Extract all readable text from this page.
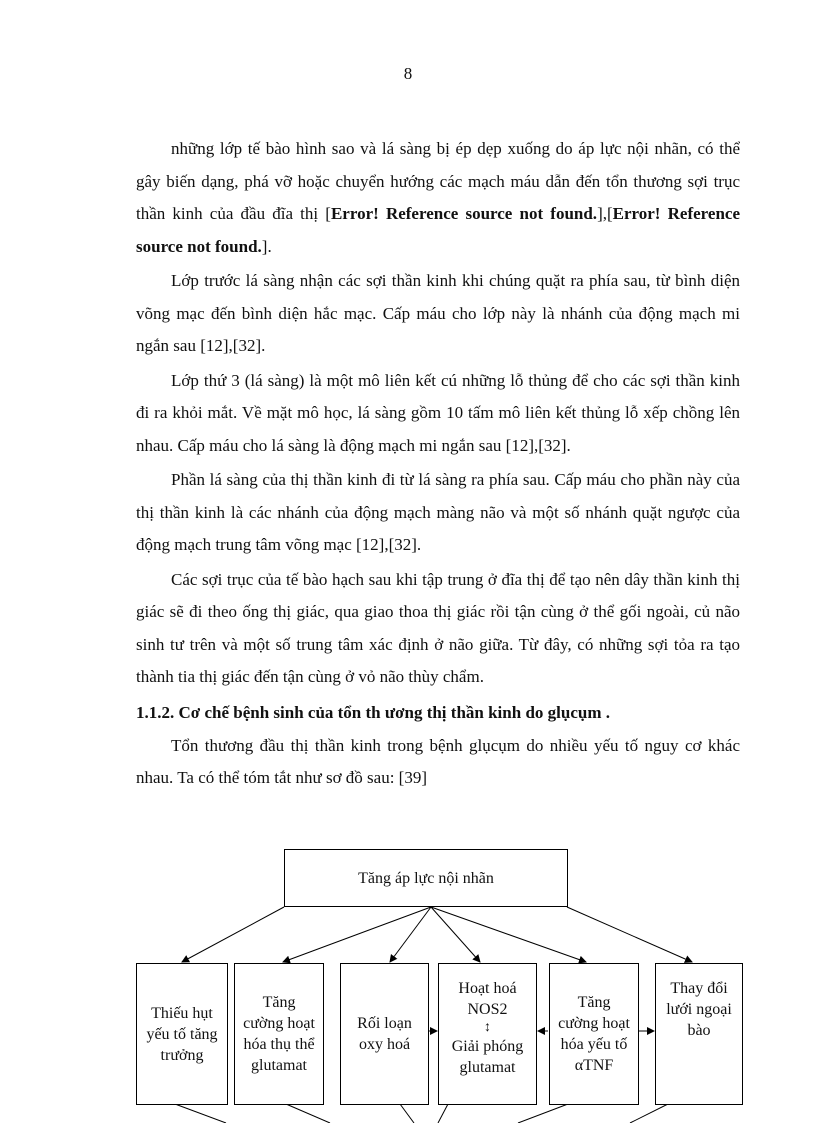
8

những lớp tế bào hình sao và lá sàng bị ép dẹp xuống do áp lực nội nhãn, có thể gây biến dạng, phá vỡ hoặc chuyển hướng các mạch máu dẫn đến tổn thương sợi trục thần kinh của đầu đĩa thị [Error! Reference source not found.],[Error! Reference source not found.].

Lớp trước lá sàng nhận các sợi thần kinh khi chúng quặt ra phía sau, từ bình diện võng mạc đến bình diện hắc mạc. Cấp máu cho lớp này là nhánh của động mạch mi ngắn sau [12],[32].

Lớp thứ 3 (lá sàng) là một mô liên kết cú những lỗ thủng để cho các sợi thần kinh đi ra khỏi mắt. Về mặt mô học, lá sàng gồm 10 tấm mô liên kết thủng lỗ xếp chồng lên nhau. Cấp máu cho lá sàng là động mạch mi ngắn sau [12],[32].

Phần lá sàng của thị thần kinh đi từ lá sàng ra phía sau. Cấp máu cho phần này của thị thần kinh là các nhánh của động mạch màng não và một số nhánh quặt ngược của động mạch trung tâm võng mạc [12],[32].

Các sợi trục của tế bào hạch sau khi tập trung ở đĩa thị để tạo nên dây thần kinh thị giác sẽ đi theo ống thị giác, qua giao thoa thị giác rồi tận cùng ở thể gối ngoài, củ não sinh tư trên và một số trung tâm xác định ở não giữa. Từ đây, có những sợi tỏa ra tạo thành tia thị giác đến tận cùng ở vỏ não thùy chẩm.

1.1.2. Cơ chế bệnh sinh của tổn th ương thị thần kinh do glụcụm .

Tổn thương đầu thị thần kinh trong bệnh glụcụm do nhiều yếu tố nguy cơ khác nhau. Ta có thể tóm tắt như sơ đồ sau: [39]

Tăng áp lực nội nhãn
Thiếu hụt yếu tố tăng trưởng
Tăng cường hoạt hóa thụ thể glutamat
Rối loạn oxy hoá
Hoạt hoá NOS2
↕
Giải phóng glutamat
Tăng cường hoạt hóa yếu tố αTNF
Thay đổi lưới ngoại bào
